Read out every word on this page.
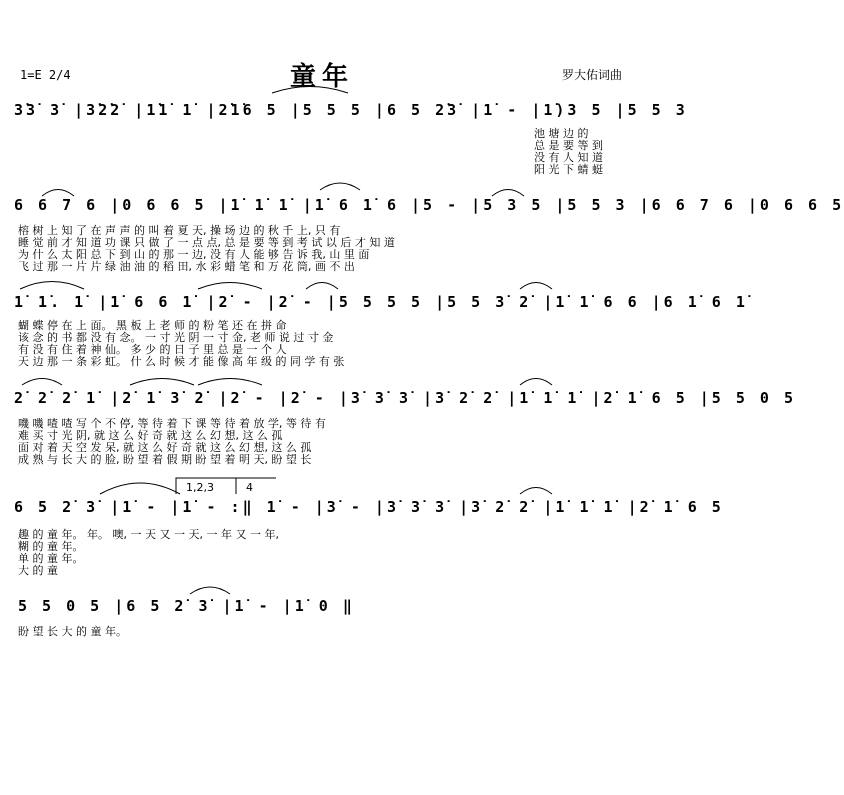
1=E 2/4	童年	罗大佑词曲
3̇3̇ 3̇ |3̇2̇2̇ |1̇1̇ 1̇ |2̇1̇6 5 |5 5 5 |6 5 2̇3̇ |1̇ - |1̇)3 5 |5 5 3
池 塘 边 的
总 是 要 等 到
没 有 人 知 道
阳 光 下 蜻 蜓
6 6 7 6 |0 6 6 5 |1̇ 1̇ 1̇ |1̇ 6 1̇ 6 |5 - |5 3 5 |5 5 3 |6 6 7 6 |0 6 6 5
榕 树 上 知 了 在 声 声 的 叫 着 夏 天, 操 场 边 的 秋 千 上, 只 有
睡 觉 前 才 知 道 功 课 只 做 了 一 点 点, 总 是 要 等 到 考 试 以 后 才 知 道
为 什 么 太 阳 总 下 到 山 的 那 一 边, 没 有 人 能 够 告 诉 我, 山 里 面
飞 过 那 一 片 片 绿 油 油 的 稻 田, 水 彩 蜡 笔 和 万 花 筒, 画 不 出
1̇ 1̇. 1̇ |1̇ 6 6 1̇ |2̇ - |2̇ - |5 5 5 5 |5 5 3̇ 2̇ |1̇ 1̇ 6 6 |6 1̇ 6 1̇
蝴 蝶 停 在 上 面。 黑 板 上 老 师 的 粉 笔 还 在 拼 命
该 念 的 书 都 没 有 念。 一 寸 光 阴 一 寸 金, 老 师 说 过 寸 金
有 没 有 住 着 神 仙。 多 少 的 日 子 里 总 是 一 个 人
天 边 那 一 条 彩 虹。 什 么 时 候 才 能 像 高 年 级 的 同 学 有 张
2̇ 2̇ 2̇ 1̇ |2̇ 1̇ 3̇ 2̇ |2̇ - |2̇ - |3̇ 3̇ 3̇ |3̇ 2̇ 2̇ |1̇ 1̇ 1̇ |2̇ 1̇ 6 5 |5 5 0 5
嘰 嘰 喳 喳 写 个 不 停, 等 待 着 下 课 等 待 着 放 学, 等 待 有
难 买 寸 光 阴, 就 这 么 好 奇 就 这 么 幻 想, 这 么 孤
面 对 着 天 空 发 呆, 就 这 么 好 奇 就 这 么 幻 想, 这 么 孤
成 熟 与 长 大 的 脸, 盼 望 着 假 期 盼 望 着 明 天, 盼 望 长
1,2,3	4
6 5 2̇ 3̇ |1̇ - |1̇ - :‖ 1̇ - |3̇ - |3̇ 3̇ 3̇ |3̇ 2̇ 2̇ |1̇ 1̇ 1̇ |2̇ 1̇ 6 5
趣 的 童 年。 年。 噢, 一 天 又 一 天, 一 年 又 一 年,
糊 的 童 年。
单 的 童 年。
大 的 童
5 5 0 5 |6 5 2̇ 3̇ |1̇ - |1̇ 0 ‖
盼 望 长 大 的 童 年。
